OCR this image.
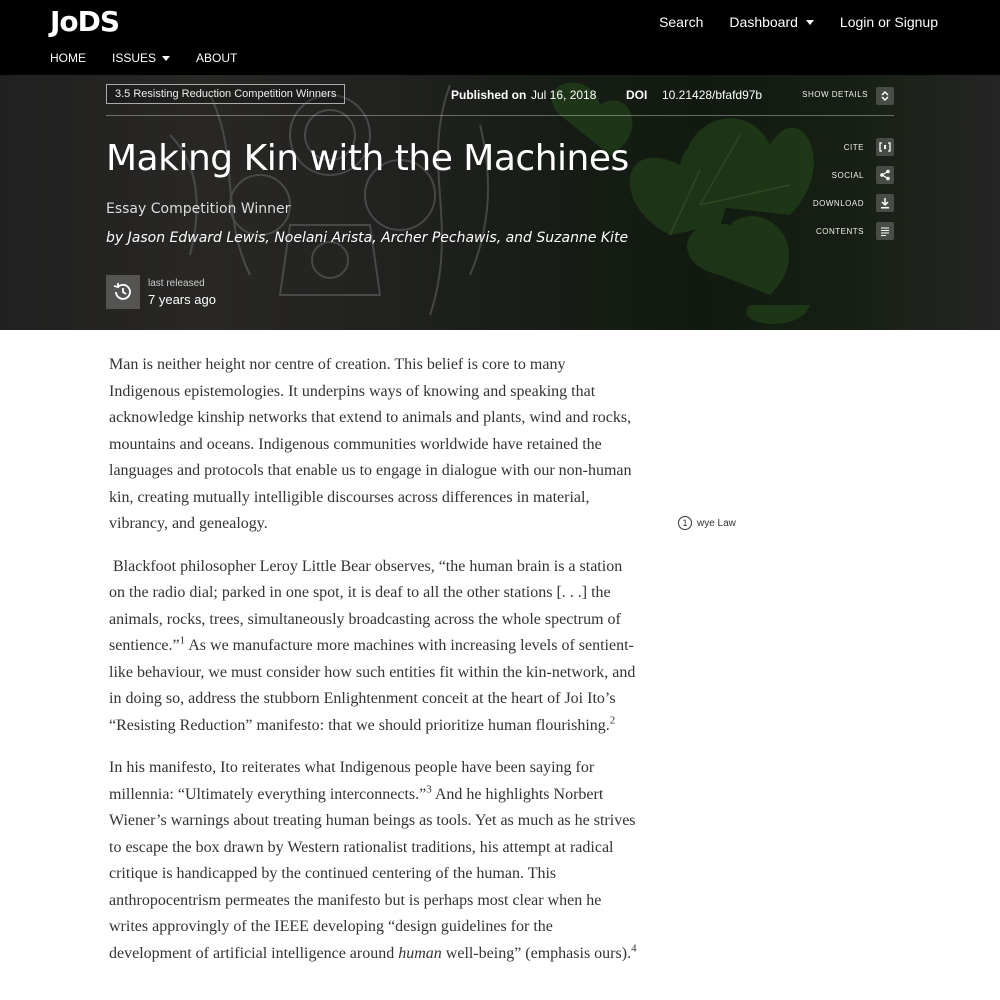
JoDS	Search Dashboard	Login or Signup
HOME ISSUES	ABOUT
3.5 Resisting Reduction Competition Winners	Published on Jul 16, 2018 DOI 10.21428/bfafd97b	SHOW DETAILS
Making Kin with the Machines
Essay Competition Winner
by Jason Edward Lewis, Noelani Arista, Archer Pechawis, and Suzanne Kite
CITE
SOCIAL
DOWNLOAD
CONTENTS
last released
7 years ago

Man is neither height nor centre of creation. This belief is core to many Indigenous epistemologies. It underpins ways of knowing and speaking that acknowledge kinship networks that extend to animals and plants, wind and rocks, mountains and oceans. Indigenous communities worldwide have retained the languages and protocols that enable us to engage in dialogue with our non-human kin, creating mutually intelligible discourses across differences in material, vibrancy, and genealogy.

Blackfoot philosopher Leroy Little Bear observes, “the human brain is a station on the radio dial; parked in one spot, it is deaf to all the other stations [. . .] the animals, rocks, trees, simultaneously broadcasting across the whole spectrum of sentience.”$^1$ As we manufacture more machines with increasing levels of sentient-like behaviour, we must consider how such entities fit within the kin-network, and in doing so, address the stubborn Enlightenment conceit at the heart of Joi Ito’s “Resisting Reduction” manifesto: that we should prioritize human flourishing.$^2$

In his manifesto, Ito reiterates what Indigenous people have been saying for millennia: “Ultimately everything interconnects.”$^3$ And he highlights Norbert Wiener’s warnings about treating human beings as tools. Yet as much as he strives to escape the box drawn by Western rationalist traditions, his attempt at radical critique is handicapped by the continued centering of the human. This anthropocentrism permeates the manifesto but is perhaps most clear when he writes approvingly of the IEEE developing “design guidelines for the development of artificial intelligence around human well-being” (emphasis ours).$^4$

1 wye Law
